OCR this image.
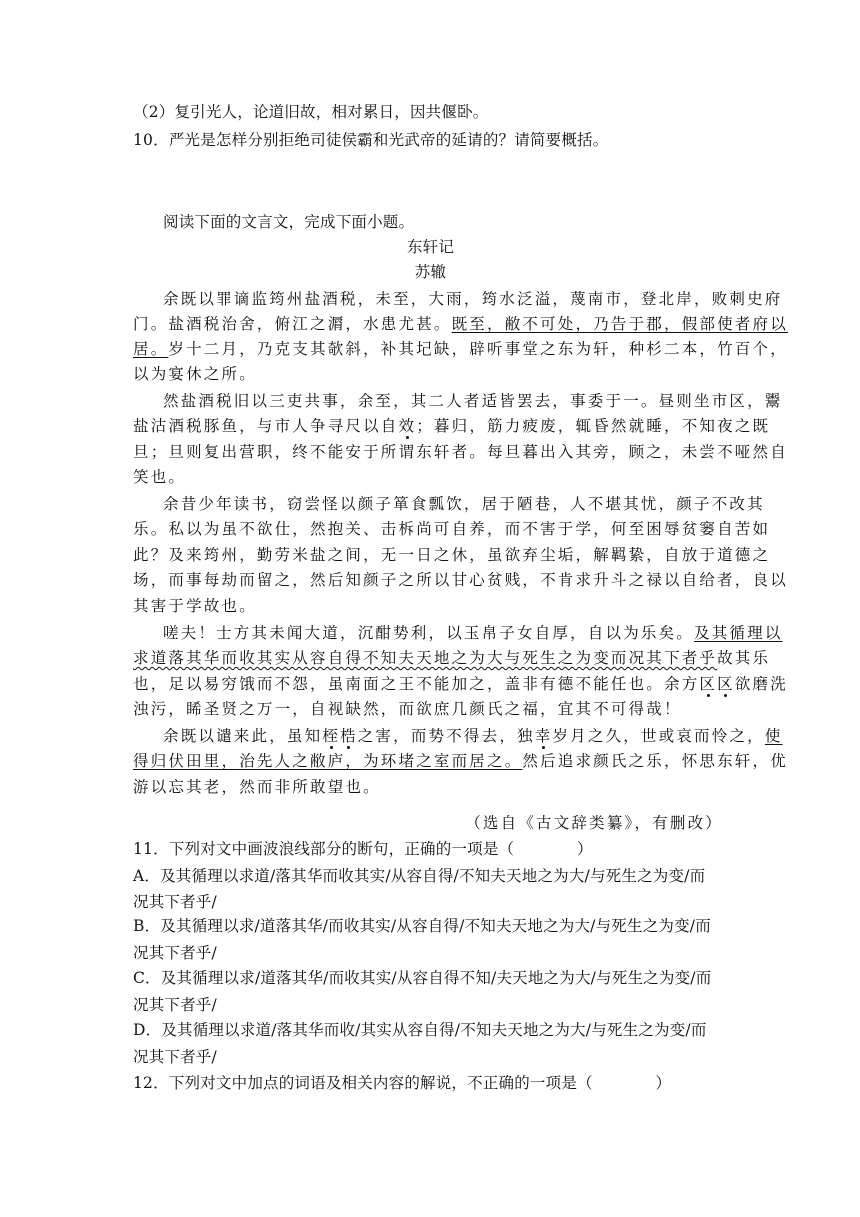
（2）复引光人，论道旧故，相对累日，因共偃卧。
10．严光是怎样分别拒绝司徒侯霸和光武帝的延请的？请简要概括。
阅读下面的文言文，完成下面小题。
东轩记
苏辙
余既以罪谪监筠州盐酒税，未至，大雨，筠水泛溢，蔑南市，登北岸，败刺史府
门。盐酒税治舍，俯江之漘，水患尤甚。既至，敝不可处，乃告于郡，假部使者府以
居。岁十二月，乃克支其欹斜，补其圮缺，辟听事堂之东为轩，种杉二本，竹百个，
以为宴休之所。
然盐酒税旧以三吏共事，余至，其二人者适皆罢去，事委于一。昼则坐市区，鬻
盐沽酒税豚鱼，与市人争寻尺以自效；暮归，筋力疲废，辄昏然就睡，不知夜之既
旦；旦则复出营职，终不能安于所谓东轩者。每旦暮出入其旁，顾之，未尝不哑然自
笑也。
余昔少年读书，窃尝怪以颜子箪食瓢饮，居于陋巷，人不堪其忧，颜子不改其
乐。私以为虽不欲仕，然抱关、击柝尚可自养，而不害于学，何至困辱贫窭自苦如
此？及来筠州，勤劳米盐之间，无一日之休，虽欲弃尘垢，解羁絷，自放于道德之
场，而事每劫而留之，然后知颜子之所以甘心贫贱，不肯求升斗之禄以自给者，良以
其害于学故也。
嗟夫！士方其未闻大道，沉酣势利，以玉帛子女自厚，自以为乐矣。及其循理以
求道落其华而收其实从容自得不知夫天地之为大与死生之为变而况其下者乎故其乐
也，足以易穷饿而不怨，虽南面之王不能加之，盖非有德不能任也。余方区区欲磨洗
浊污，睎圣贤之万一，自视缺然，而欲庶几颜氏之福，宜其不可得哉！
余既以谴来此，虽知桎梏之害，而势不得去，独幸岁月之久，世或哀而怜之，使
得归伏田里，治先人之敝庐，为环堵之室而居之。然后追求颜氏之乐，怀思东轩，优
游以忘其老，然而非所敢望也。
（选自《古文辞类纂》，有删改）
11．下列对文中画波浪线部分的断句，正确的一项是（　　　　）
A．及其循理以求道/落其华而收其实/从容自得/不知夫天地之为大/与死生之为变/而
况其下者乎/
B．及其循理以求/道落其华/而收其实/从容自得/不知夫天地之为大/与死生之为变/而
况其下者乎/
C．及其循理以求/道落其华/而收其实/从容自得不知/夫天地之为大/与死生之为变/而
况其下者乎/
D．及其循理以求道/落其华而收/其实从容自得/不知夫天地之为大/与死生之为变/而
况其下者乎/
12．下列对文中加点的词语及相关内容的解说，不正确的一项是（　　　　）
